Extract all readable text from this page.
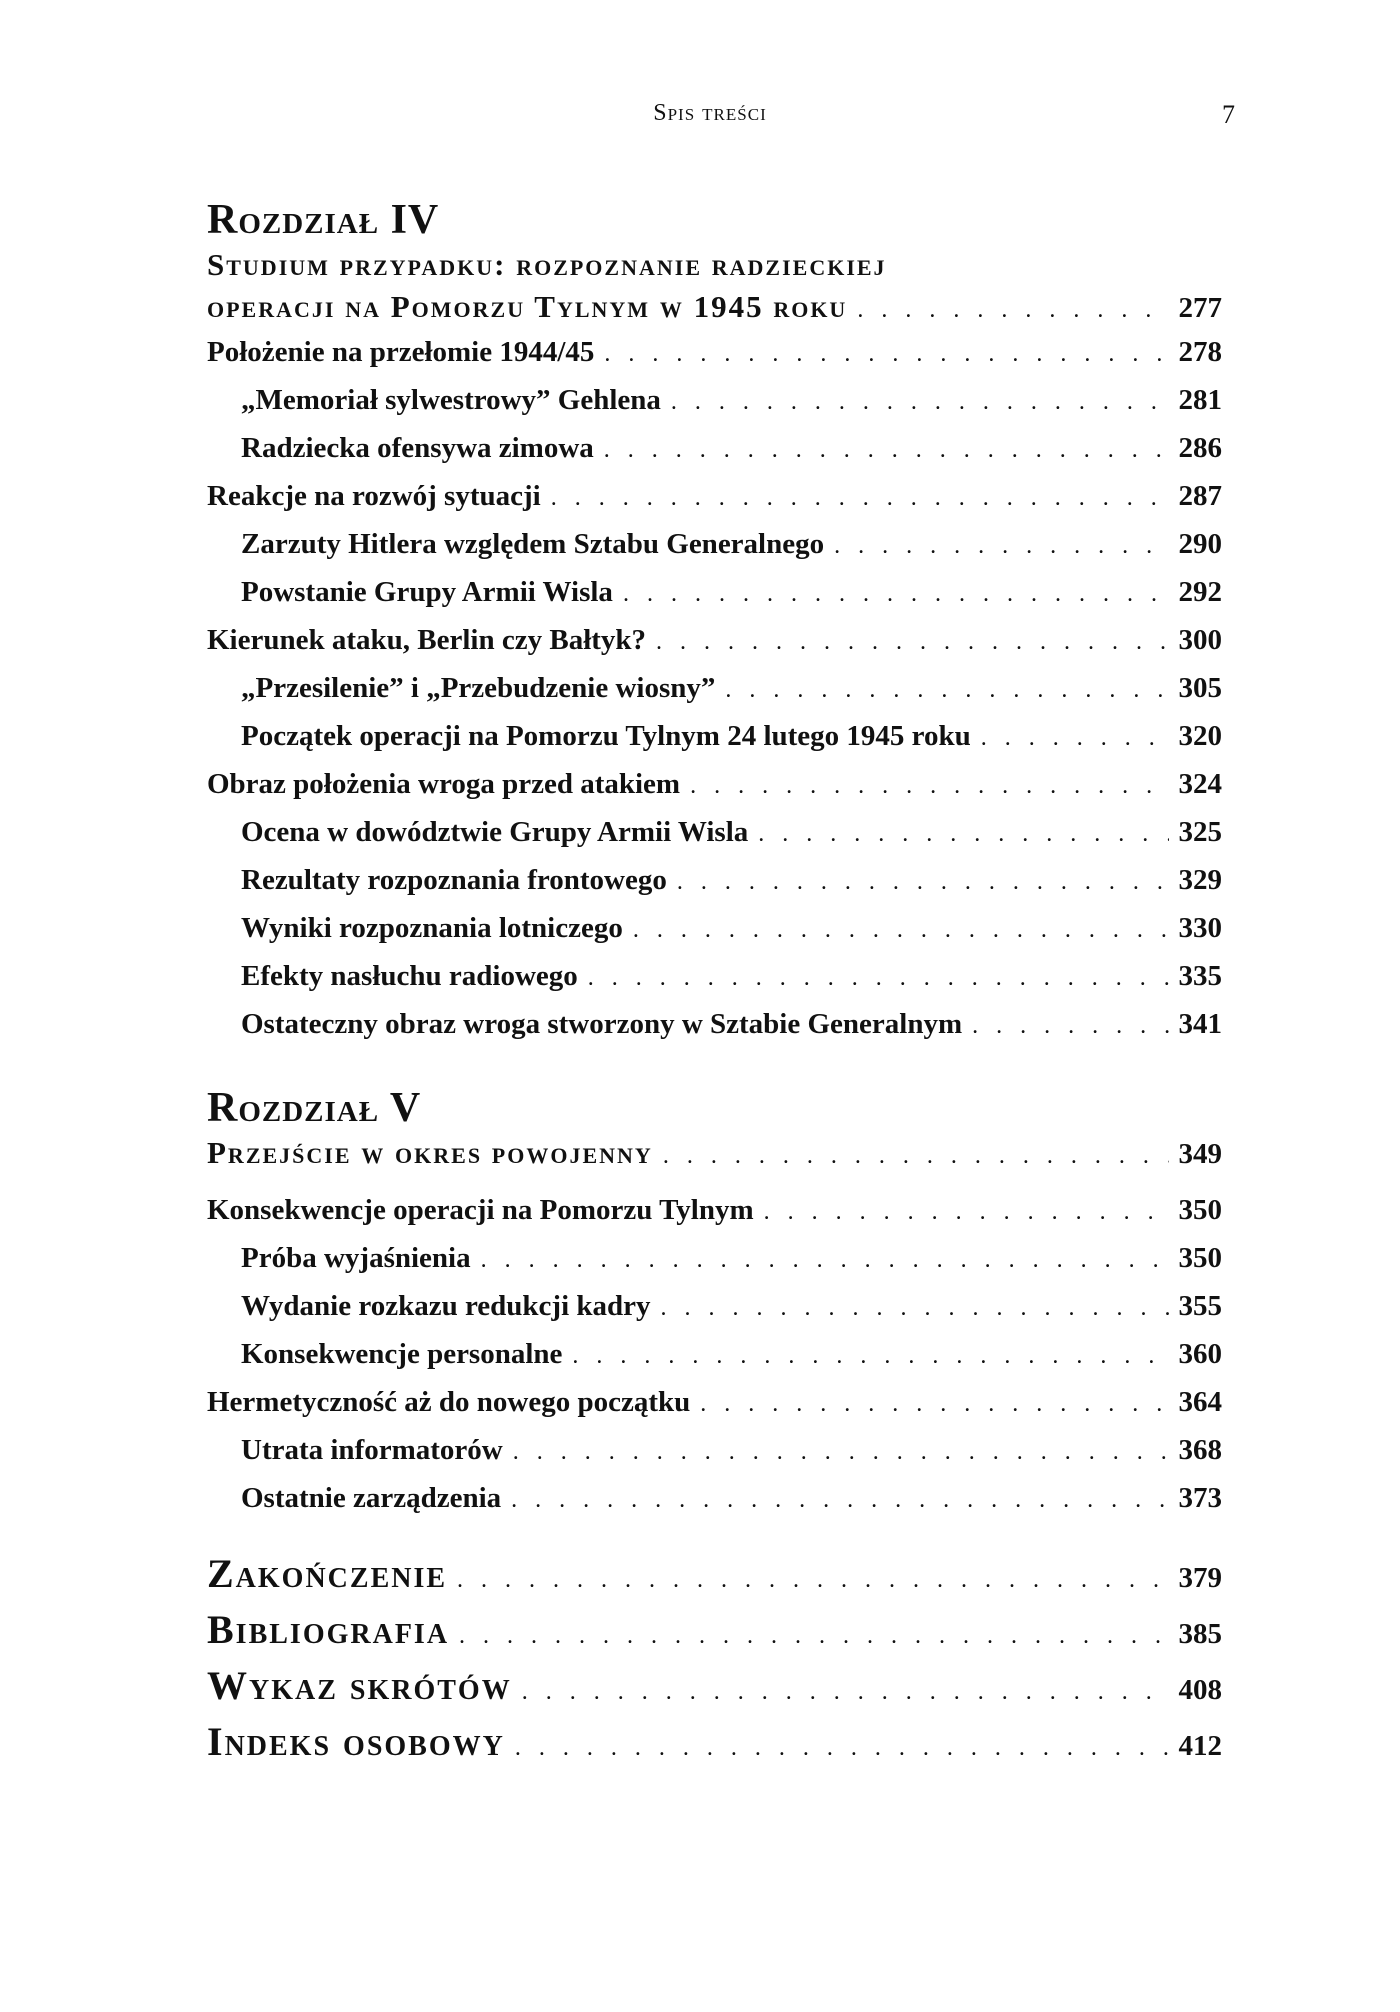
Spis treści	7
Rozdział IV
Studium przypadku: rozpoznanie radzieckiej
operacji na Pomorzu Tylnym w 1945 roku . . .	277
Położenie na przełomie 1944/45 . . .	278
„Memoriał sylwestrowy” Gehlena . . .	281
Radziecka ofensywa zimowa . . .	286
Reakcje na rozwój sytuacji . . .	287
Zarzuty Hitlera względem Sztabu Generalnego . . .	290
Powstanie Grupy Armii Wisla . . .	292
Kierunek ataku, Berlin czy Bałtyk? . . .	300
„Przesilenie” i „Przebudzenie wiosny” . . .	305
Początek operacji na Pomorzu Tylnym 24 lutego 1945 roku . . .	320
Obraz położenia wroga przed atakiem . . .	324
Ocena w dowództwie Grupy Armii Wisla . . .	325
Rezultaty rozpoznania frontowego . . .	329
Wyniki rozpoznania lotniczego . . .	330
Efekty nasłuchu radiowego . . .	335
Ostateczny obraz wroga stworzony w Sztabie Generalnym . . .	341
Rozdział V
Przejście w okres powojenny . . .	349
Konsekwencje operacji na Pomorzu Tylnym . . .	350
Próba wyjaśnienia . . .	350
Wydanie rozkazu redukcji kadry . . .	355
Konsekwencje personalne . . .	360
Hermetyczność aż do nowego początku . . .	364
Utrata informatorów . . .	368
Ostatnie zarządzenia . . .	373
Zakończenie . . .	379
Bibliografia . . .	385
Wykaz skrótów . . .	408
Indeks osobowy . . .	412
